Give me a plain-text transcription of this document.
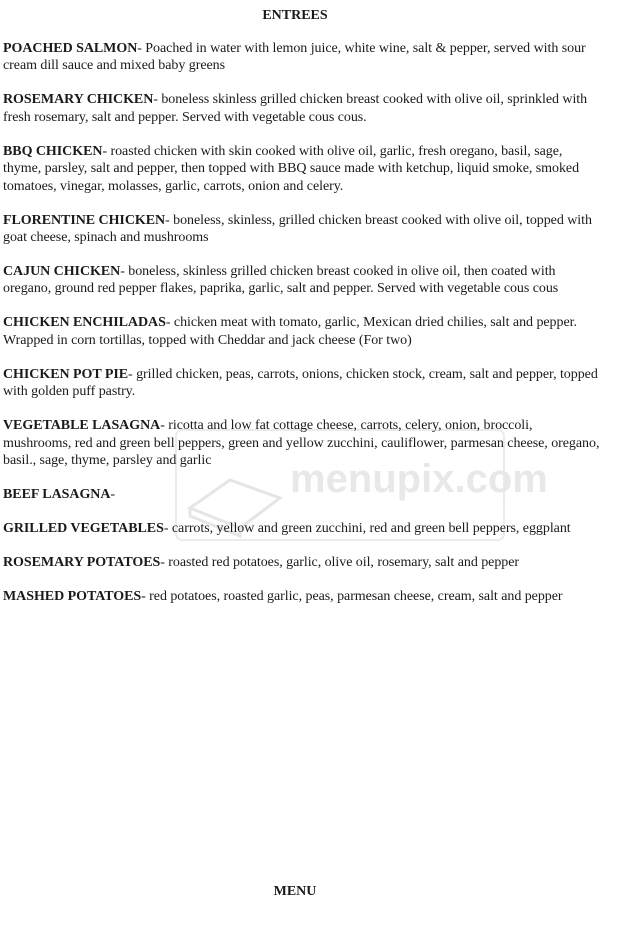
ENTREES

POACHED SALMON- Poached in water with lemon juice, white wine, salt & pepper, served with sour cream dill sauce and mixed baby greens

ROSEMARY CHICKEN- boneless skinless grilled chicken breast cooked with olive oil, sprinkled with fresh rosemary, salt and pepper. Served with vegetable cous cous.

BBQ CHICKEN- roasted chicken with skin cooked with olive oil, garlic, fresh oregano, basil, sage, thyme, parsley, salt and pepper, then topped with BBQ sauce made with ketchup, liquid smoke, smoked tomatoes, vinegar, molasses, garlic, carrots, onion and celery.

FLORENTINE CHICKEN- boneless, skinless, grilled chicken breast cooked with olive oil, topped with goat cheese, spinach and mushrooms

CAJUN CHICKEN- boneless, skinless grilled chicken breast cooked in olive oil, then coated with oregano, ground red pepper flakes, paprika, garlic, salt and pepper. Served with vegetable cous cous

CHICKEN ENCHILADAS- chicken meat with tomato, garlic, Mexican dried chilies, salt and pepper. Wrapped in corn tortillas, topped with Cheddar and jack cheese (For two)

CHICKEN POT PIE- grilled chicken, peas, carrots, onions, chicken stock, cream, salt and pepper, topped with golden puff pastry.

VEGETABLE LASAGNA- ricotta and low fat cottage cheese, carrots, celery, onion, broccoli, mushrooms, red and green bell peppers, green and yellow zucchini, cauliflower, parmesan cheese, oregano, basil., sage, thyme, parsley and garlic

BEEF LASAGNA-

GRILLED VEGETABLES- carrots, yellow and green zucchini, red and green bell peppers, eggplant

ROSEMARY POTATOES- roasted red potatoes, garlic, olive oil, rosemary, salt and pepper

MASHED POTATOES- red potatoes, roasted garlic, peas, parmesan cheese, cream, salt and pepper

menupix.com
MENU
